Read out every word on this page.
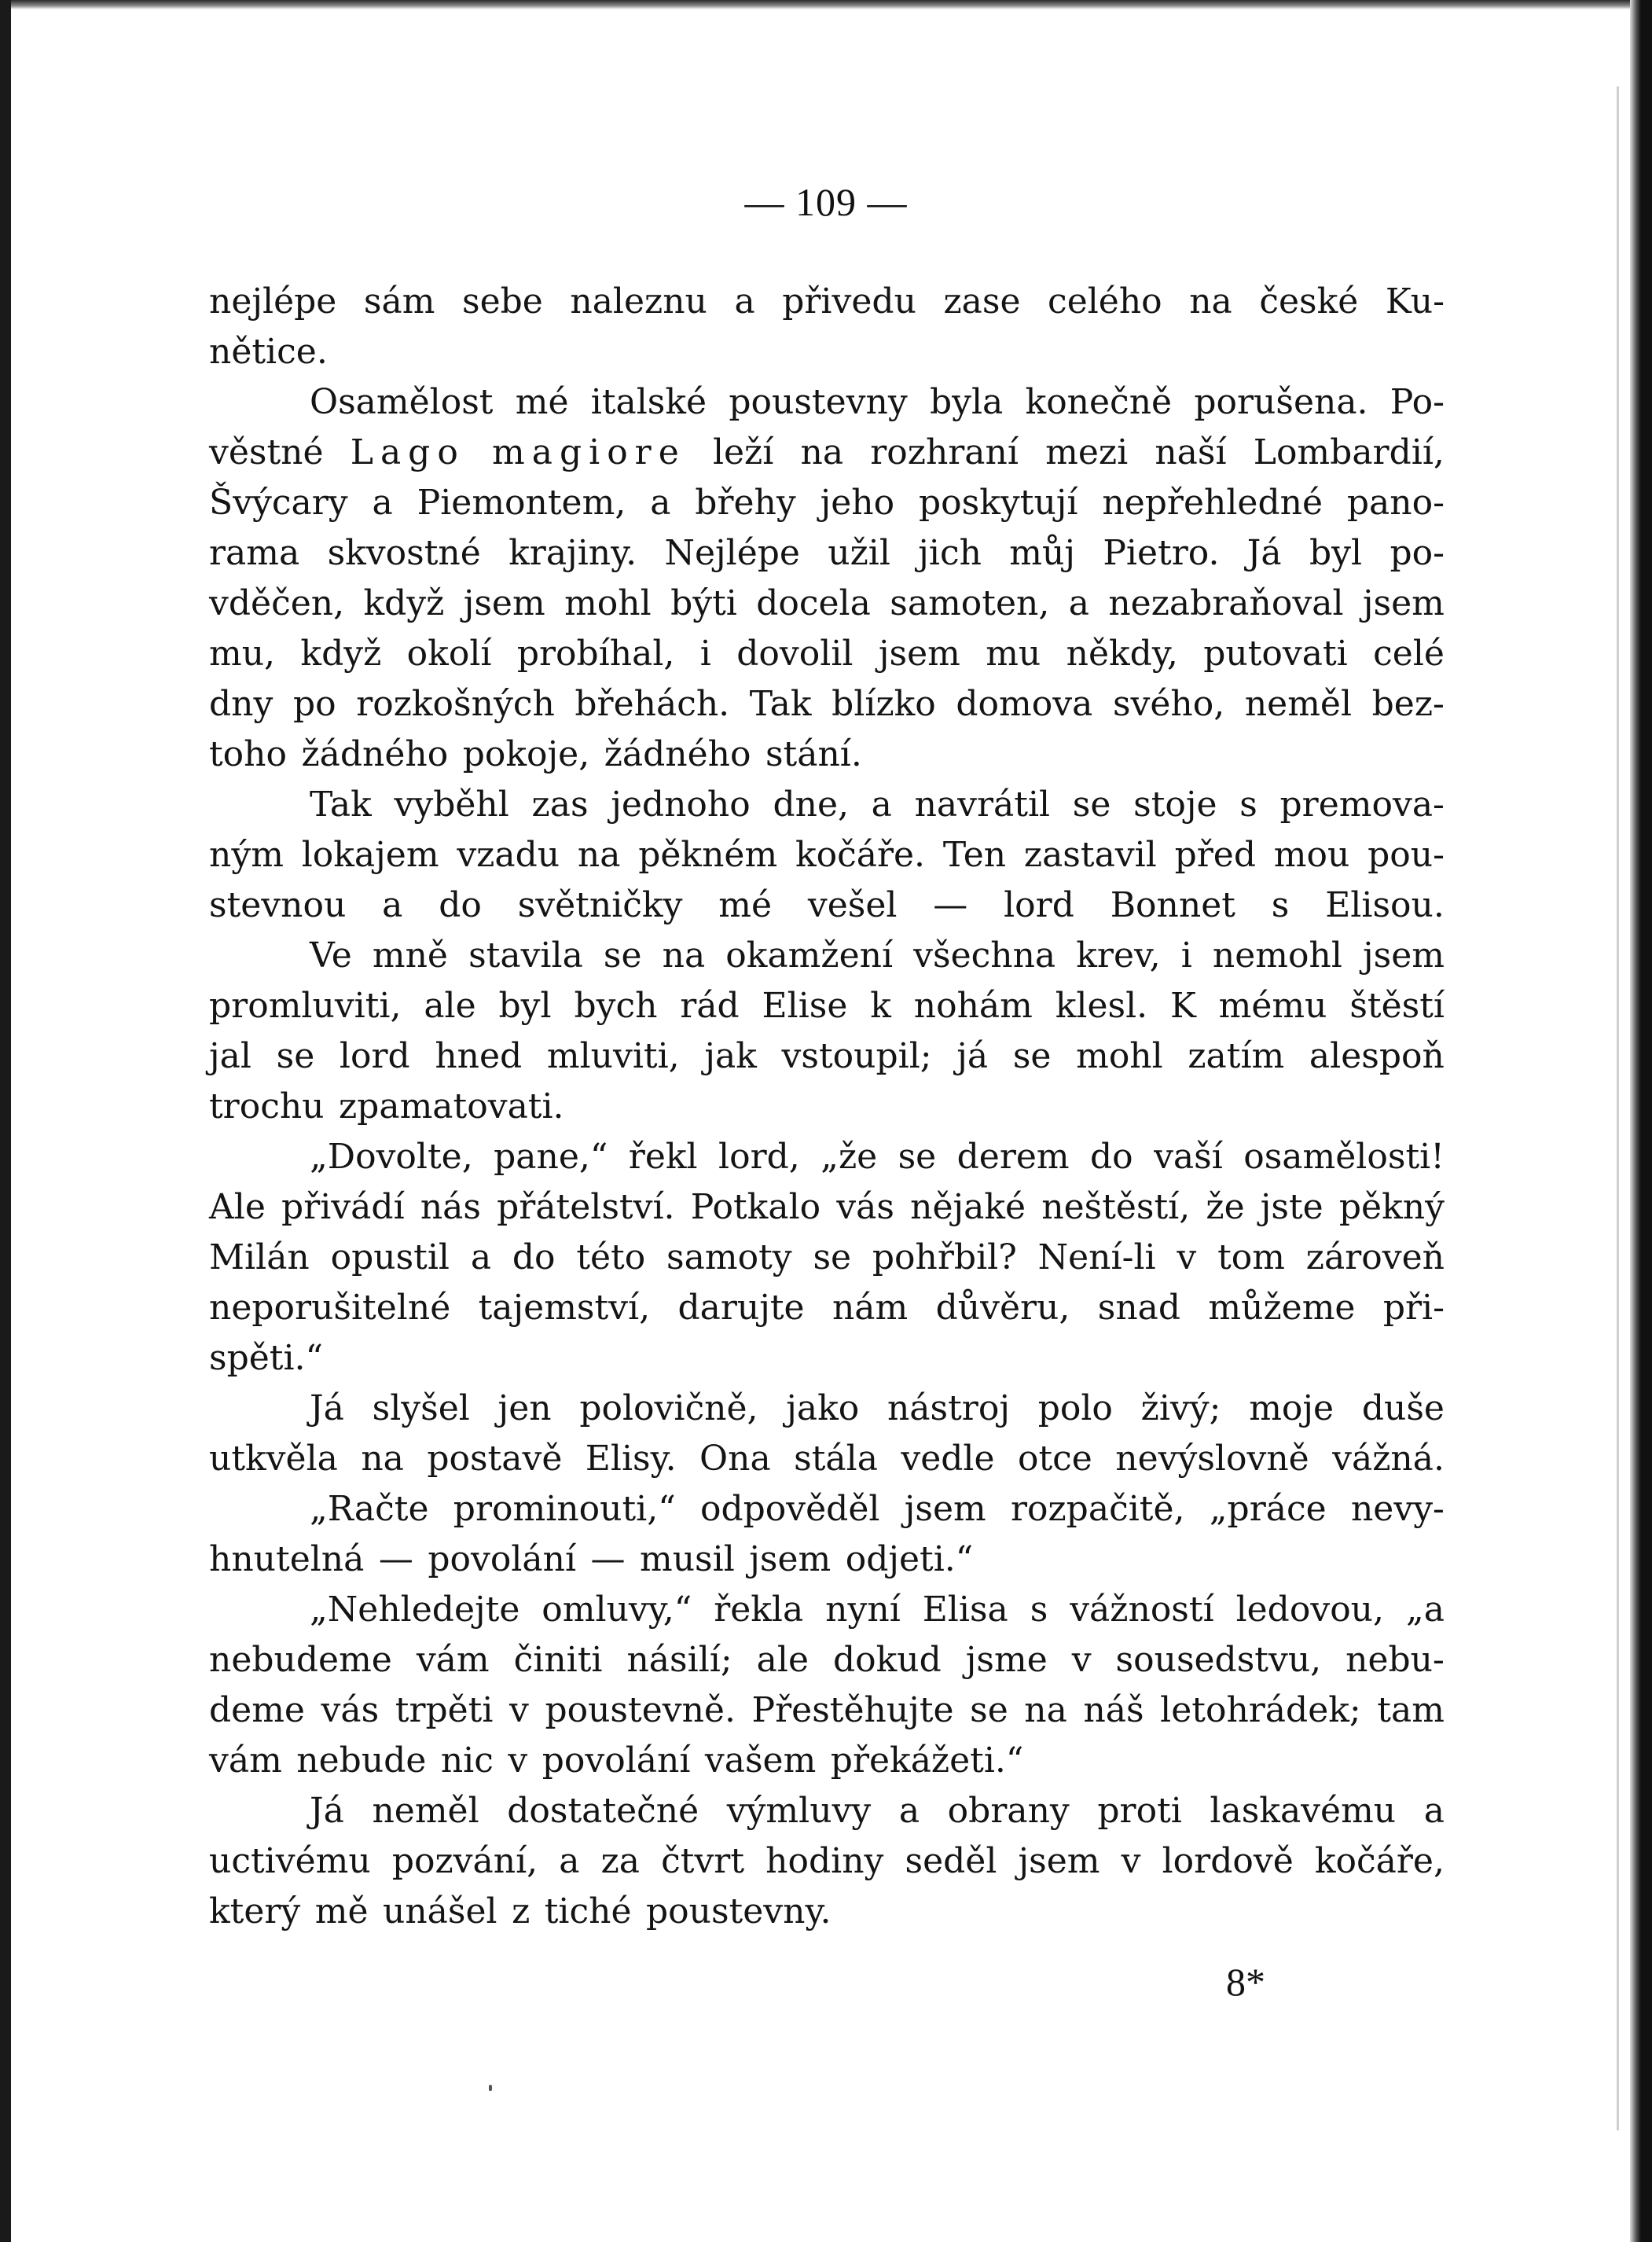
— 109 —
nejlépe sám sebe naleznu a přivedu zase celého na české Ku-
nětice.
Osamělost mé italské poustevny byla konečně porušena. Po-
věstné Lago magiore leží na rozhraní mezi naší Lombardií,
Švýcary a Piemontem, a břehy jeho poskytují nepřehledné pano-
rama skvostné krajiny. Nejlépe užil jich můj Pietro. Já byl po-
vděčen, když jsem mohl býti docela samoten, a nezabraňoval jsem
mu, když okolí probíhal, i dovolil jsem mu někdy, putovati celé
dny po rozkošných břehách. Tak blízko domova svého, neměl bez-
toho žádného pokoje, žádného stání.
Tak vyběhl zas jednoho dne, a navrátil se stoje s premova-
ným lokajem vzadu na pěkném kočáře. Ten zastavil před mou pou-
stevnou a do světničky mé vešel — lord Bonnet s Elisou.
Ve mně stavila se na okamžení všechna krev, i nemohl jsem
promluviti, ale byl bych rád Elise k nohám klesl. K mému štěstí
jal se lord hned mluviti, jak vstoupil; já se mohl zatím alespoň
trochu zpamatovati.
„Dovolte, pane,“ řekl lord, „že se derem do vaší osamělosti!
Ale přivádí nás přátelství. Potkalo vás nějaké neštěstí, že jste pěkný
Milán opustil a do této samoty se pohřbil? Není-li v tom zároveň
neporušitelné tajemství, darujte nám důvěru, snad můžeme při-
spěti.“
Já slyšel jen polovičně, jako nástroj polo živý; moje duše
utkvěla na postavě Elisy. Ona stála vedle otce nevýslovně vážná.
„Račte prominouti,“ odpověděl jsem rozpačitě, „práce nevy-
hnutelná — povolání — musil jsem odjeti.“
„Nehledejte omluvy,“ řekla nyní Elisa s vážností ledovou, „a
nebudeme vám činiti násilí; ale dokud jsme v sousedstvu, nebu-
deme vás trpěti v poustevně. Přestěhujte se na náš letohrádek; tam
vám nebude nic v povolání vašem překážeti.“
Já neměl dostatečné výmluvy a obrany proti laskavému a
uctivému pozvání, a za čtvrt hodiny seděl jsem v lordově kočáře,
který mě unášel z tiché poustevny.
8*
